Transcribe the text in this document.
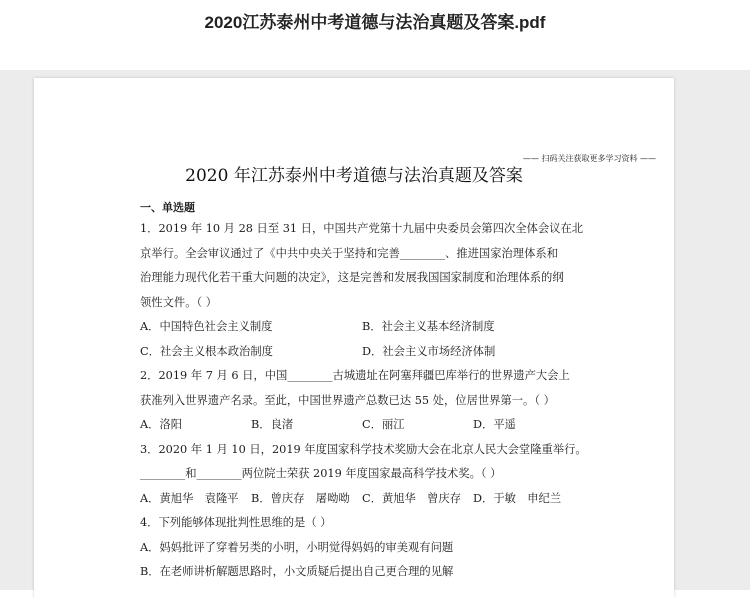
2020江苏泰州中考道德与法治真题及答案.pdf
—— 扫码关注获取更多学习资料 ——
2020 年江苏泰州中考道德与法治真题及答案
一、单选题
1．2019 年 10 月 28 日至 31 日，中国共产党第十九届中央委员会第四次全体会议在北
京举行。全会审议通过了《中共中央关于坚持和完善________、推进国家治理体系和
治理能力现代化若干重大问题的决定》，这是完善和发展我国国家制度和治理体系的纲
领性文件。（ ）
A．中国特色社会主义制度	B．社会主义基本经济制度
C．社会主义根本政治制度	D．社会主义市场经济体制
2．2019 年 7 月 6 日，中国________古城遗址在阿塞拜疆巴库举行的世界遗产大会上
获准列入世界遗产名录。至此，中国世界遗产总数已达 55 处，位居世界第一。（ ）
A．洛阳	B．良渚	C．丽江	D．平遥
3．2020 年 1 月 10 日，2019 年度国家科学技术奖励大会在北京人民大会堂隆重举行。
________和________两位院士荣获 2019 年度国家最高科学技术奖。（ ）
A．黄旭华　袁隆平	B．曾庆存　屠呦呦	C．黄旭华　曾庆存	D．于敏　申纪兰
4．下列能够体现批判性思维的是（ ）
A．妈妈批评了穿着另类的小明，小明觉得妈妈的审美观有问题
B．在老师讲析解题思路时，小文质疑后提出自己更合理的见解
